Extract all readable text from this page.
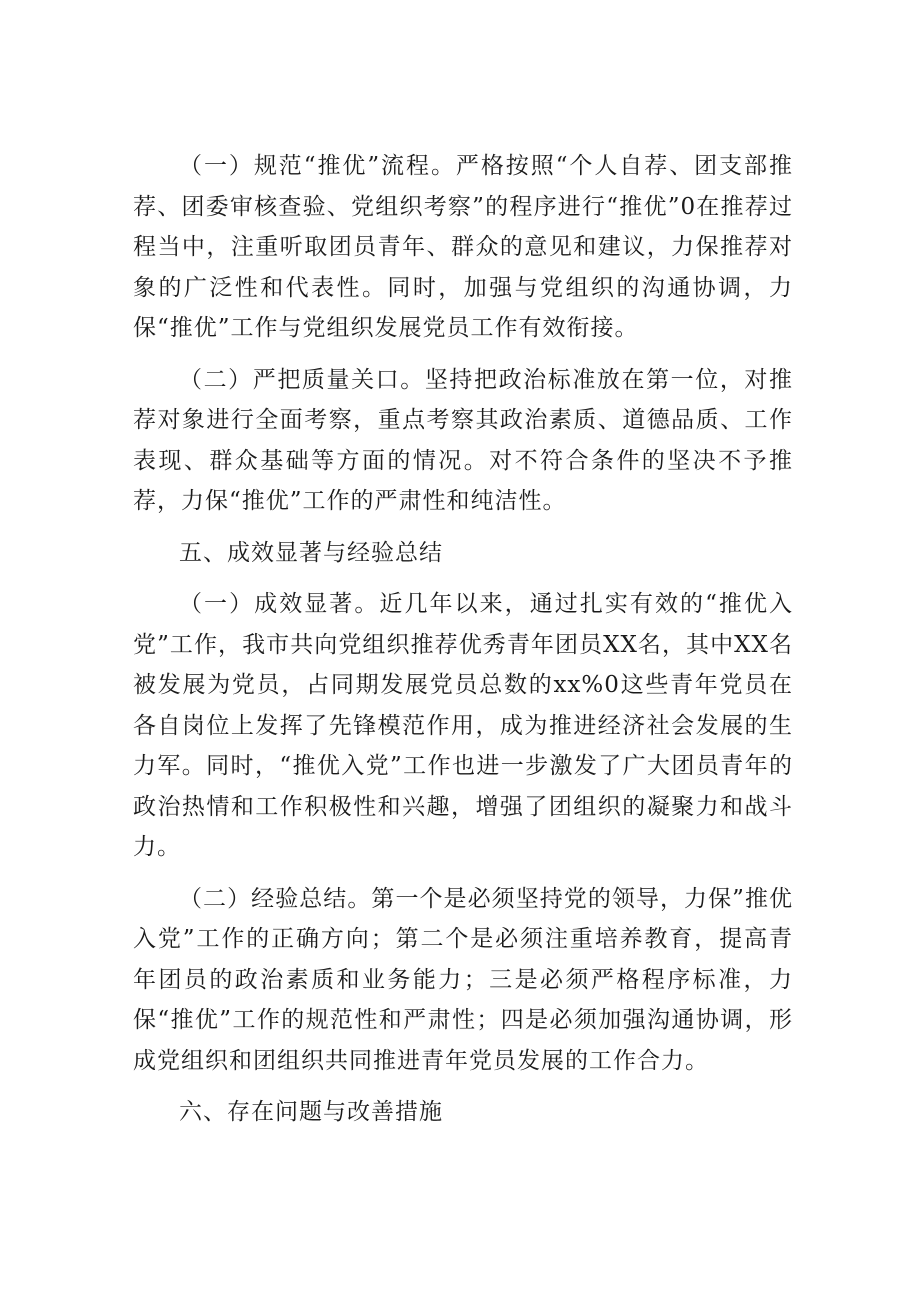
（一）规范“推优”流程。严格按照“个人自荐、团支部推荐、团委审核查验、党组织考察”的程序进行“推优”0在推荐过程当中，注重听取团员青年、群众的意见和建议，力保推荐对象的广泛性和代表性。同时，加强与党组织的沟通协调，力保“推优”工作与党组织发展党员工作有效衔接。

（二）严把质量关口。坚持把政治标准放在第一位，对推荐对象进行全面考察，重点考察其政治素质、道德品质、工作表现、群众基础等方面的情况。对不符合条件的坚决不予推荐，力保“推优”工作的严肃性和纯洁性。

五、成效显著与经验总结

（一）成效显著。近几年以来，通过扎实有效的“推优入党”工作，我市共向党组织推荐优秀青年团员XX名，其中XX名被发展为党员，占同期发展党员总数的xx%0这些青年党员在各自岗位上发挥了先锋模范作用，成为推进经济社会发展的生力军。同时，“推优入党”工作也进一步激发了广大团员青年的政治热情和工作积极性和兴趣，增强了团组织的凝聚力和战斗力。

（二）经验总结。第一个是必须坚持党的领导，力保”推优入党”工作的正确方向；第二个是必须注重培养教育，提高青年团员的政治素质和业务能力；三是必须严格程序标准，力保“推优”工作的规范性和严肃性；四是必须加强沟通协调，形成党组织和团组织共同推进青年党员发展的工作合力。

六、存在问题与改善措施
